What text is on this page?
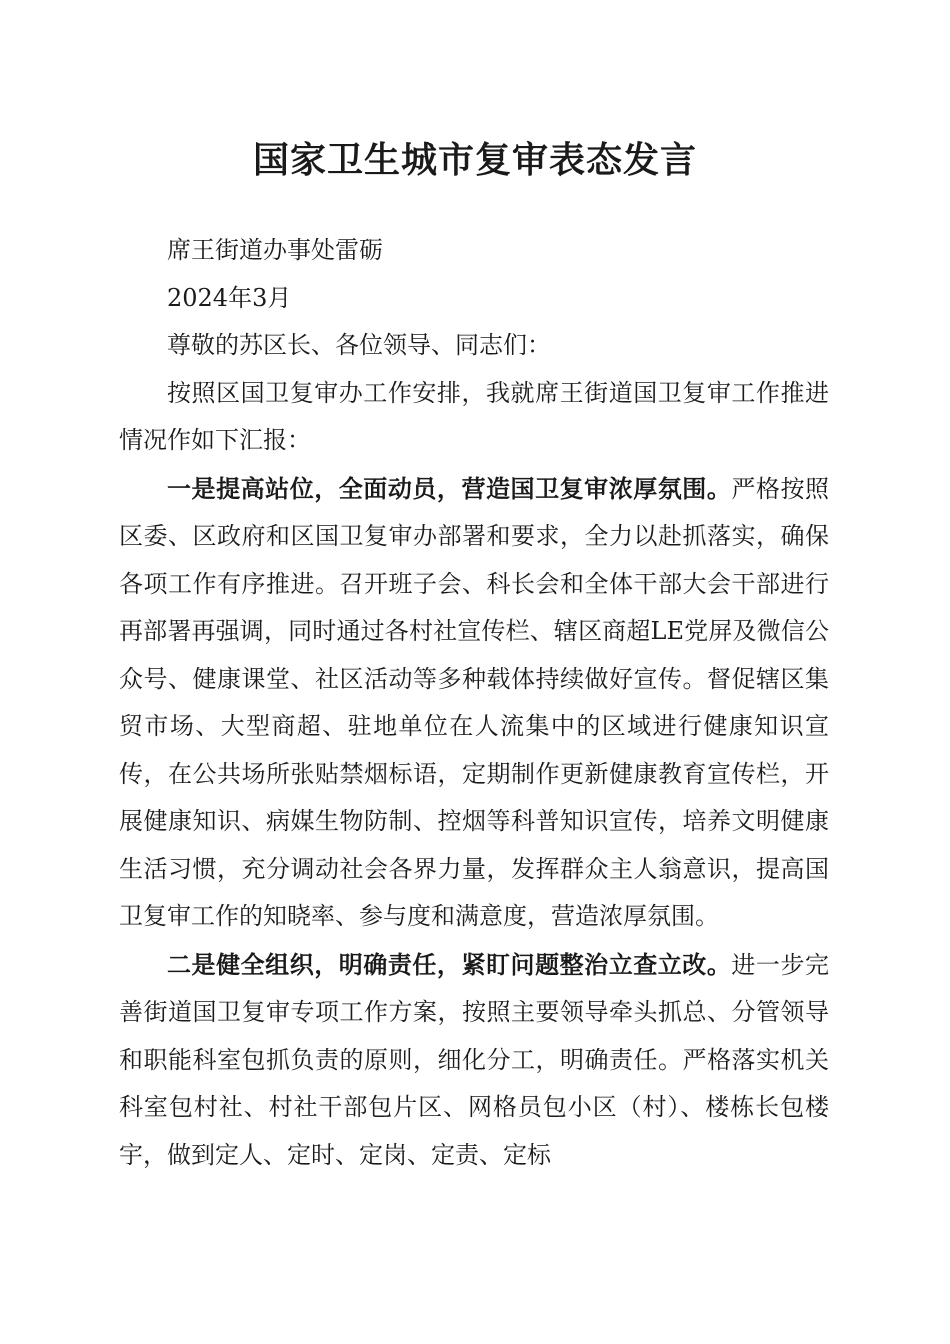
国家卫生城市复审表态发言

席王街道办事处雷砺

2024年3月

尊敬的苏区长、各位领导、同志们：

按照区国卫复审办工作安排，我就席王街道国卫复审工作推进情况作如下汇报：

一是提高站位，全面动员，营造国卫复审浓厚氛围。严格按照区委、区政府和区国卫复审办部署和要求，全力以赴抓落实，确保各项工作有序推进。召开班子会、科长会和全体干部大会干部进行再部署再强调，同时通过各村社宣传栏、辖区商超LE党屏及微信公众号、健康课堂、社区活动等多种载体持续做好宣传。督促辖区集贸市场、大型商超、驻地单位在人流集中的区域进行健康知识宣传，在公共场所张贴禁烟标语，定期制作更新健康教育宣传栏，开展健康知识、病媒生物防制、控烟等科普知识宣传，培养文明健康生活习惯，充分调动社会各界力量，发挥群众主人翁意识，提高国卫复审工作的知晓率、参与度和满意度，营造浓厚氛围。

二是健全组织，明确责任，紧盯问题整治立查立改。进一步完善街道国卫复审专项工作方案，按照主要领导牵头抓总、分管领导和职能科室包抓负责的原则，细化分工，明确责任。严格落实机关科室包村社、村社干部包片区、网格员包小区（村）、楼栋长包楼宇，做到定人、定时、定岗、定责、定标
